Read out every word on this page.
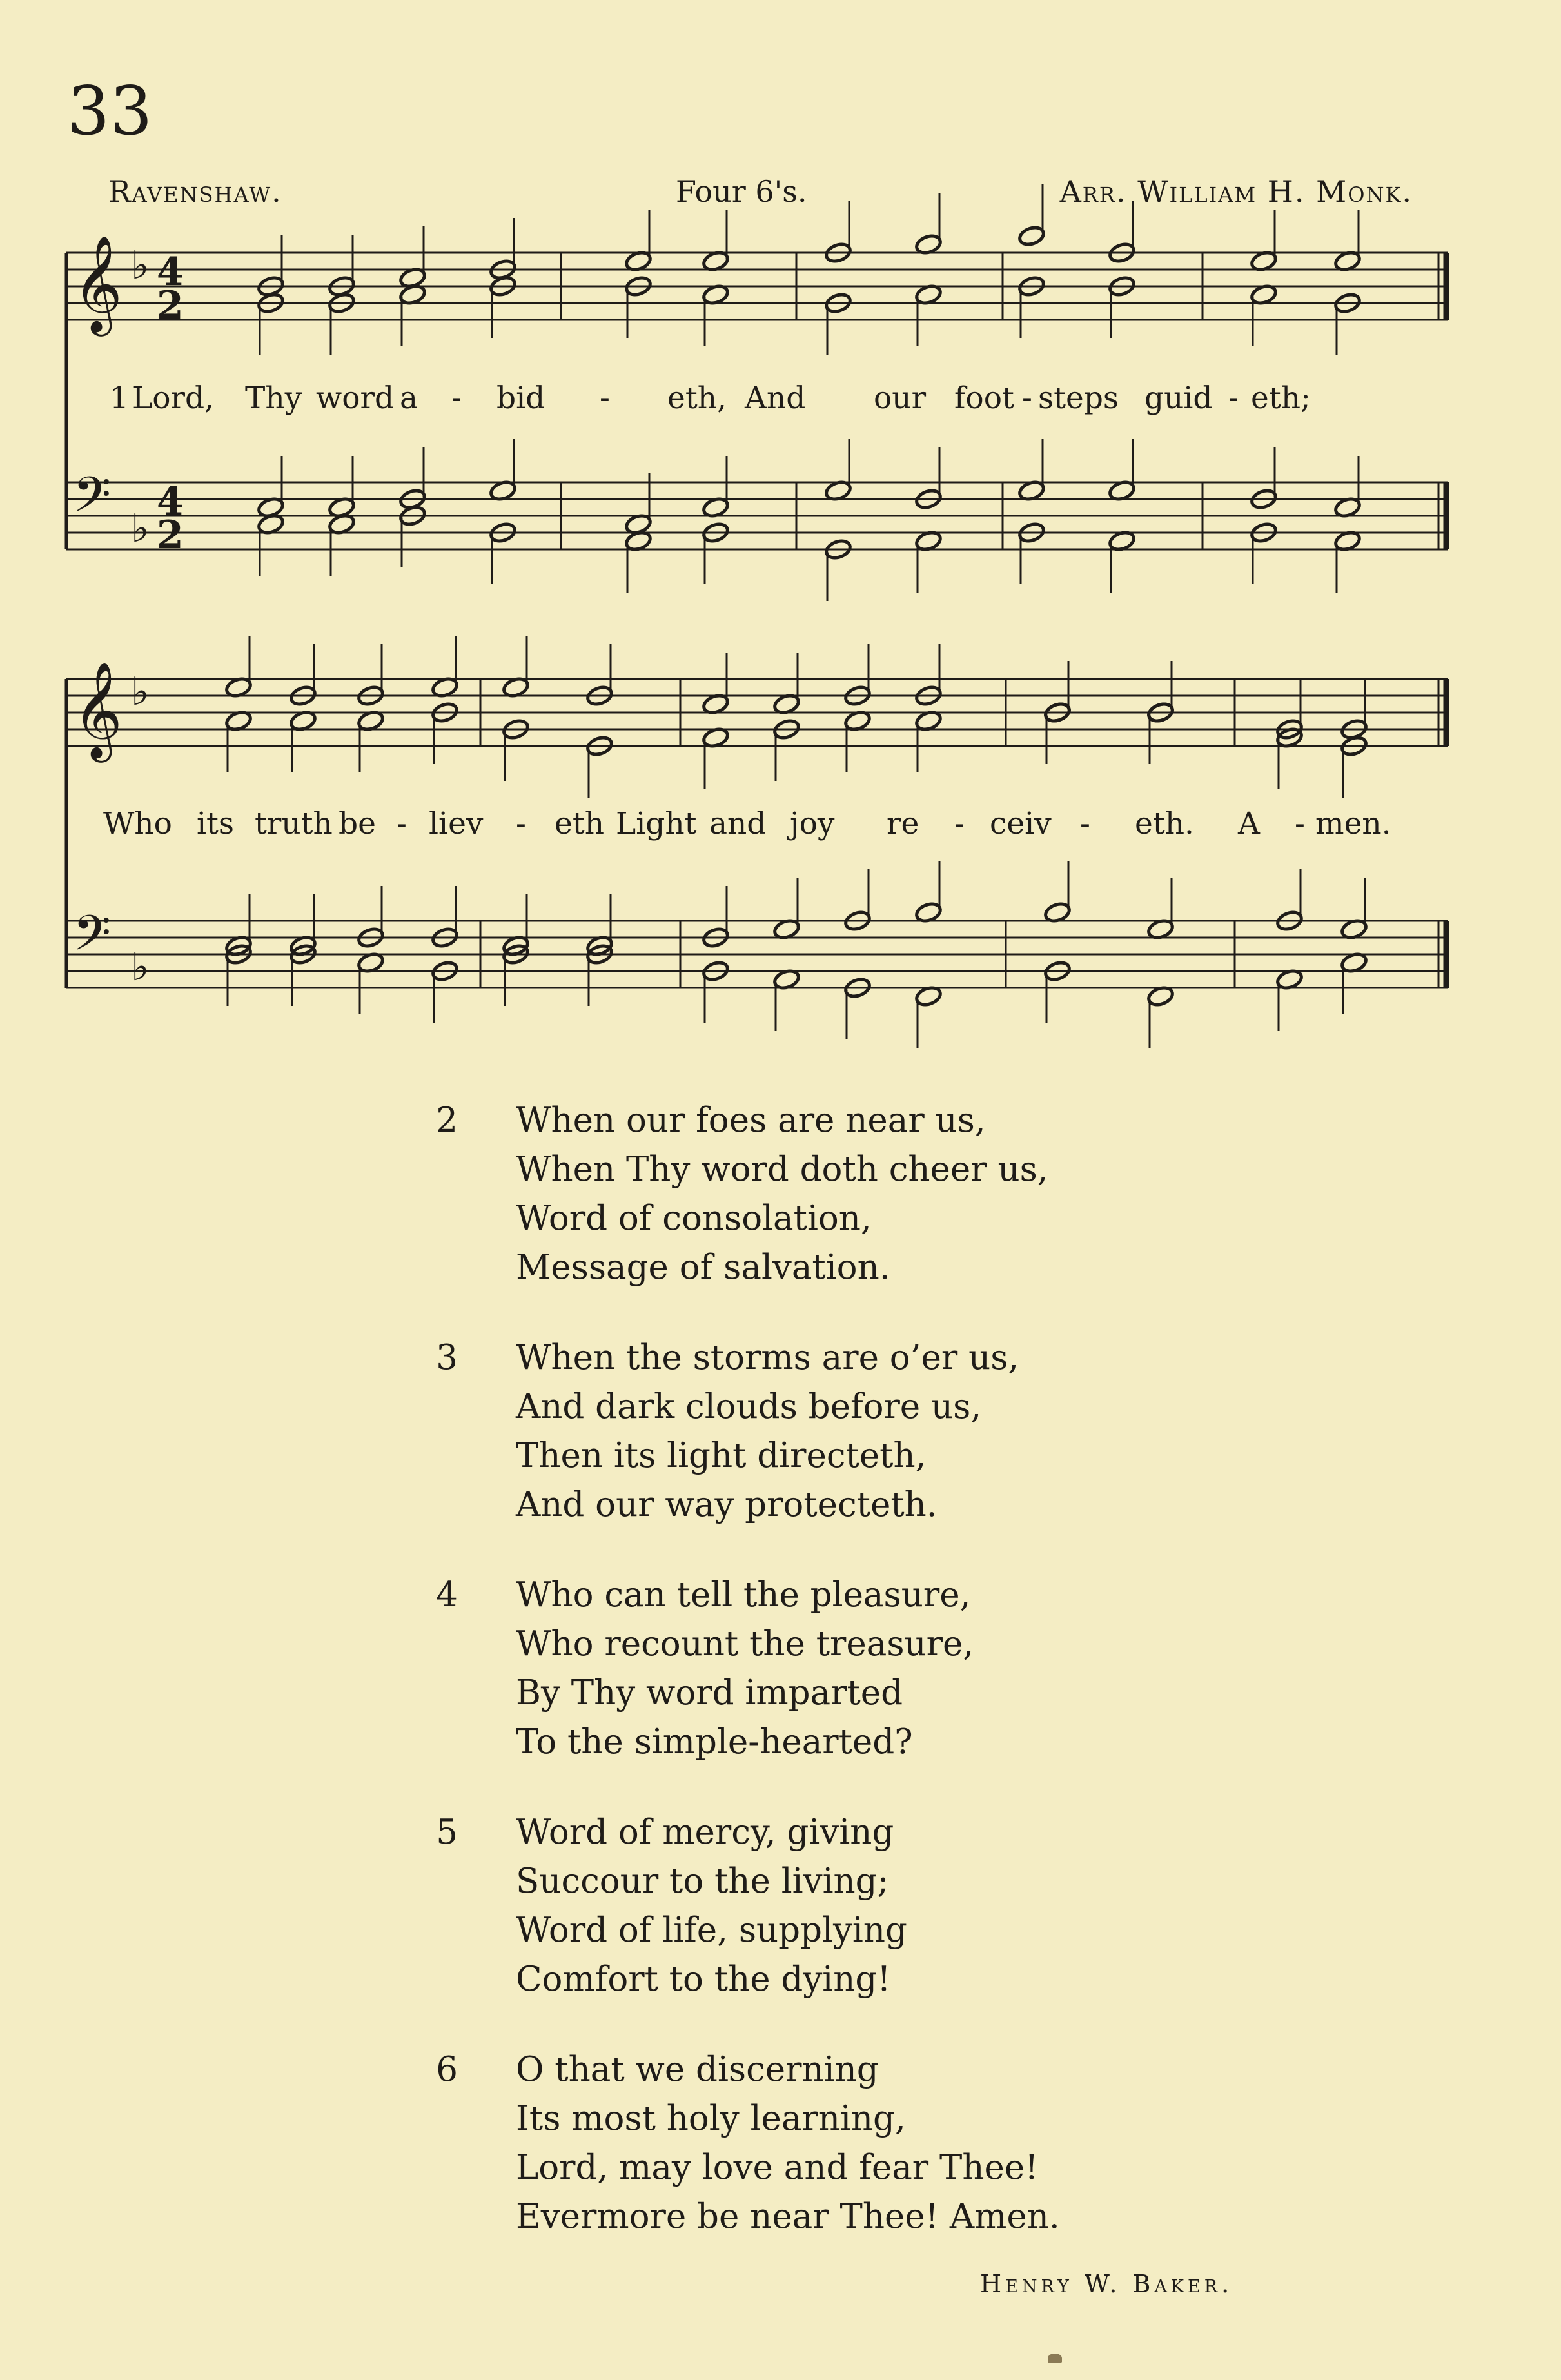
33
Ravenshaw.	Four 6's.	Arr. William H. Monk.
𝄞 ♭
𝄢 ♭
𝄞 ♭
𝄢 ♭
4
2
4
2
1 Lord, Thy word a - bid - eth, And our foot - steps guid - eth;
Who its truth be - liev - eth Light and joy re - ceiv - eth. A - men.
2	When our foes are near us,
When Thy word doth cheer us,
Word of consolation,
Message of salvation.
3	When the storms are o’er us,
And dark clouds before us,
Then its light directeth,
And our way protecteth.
4	Who can tell the pleasure,
Who recount the treasure,
By Thy word imparted
To the simple-hearted?
5	Word of mercy, giving
Succour to the living;
Word of life, supplying
Comfort to the dying!
6	O that we discerning
Its most holy learning,
Lord, may love and fear Thee!
Evermore be near Thee! Amen.
Henry W. Baker.
